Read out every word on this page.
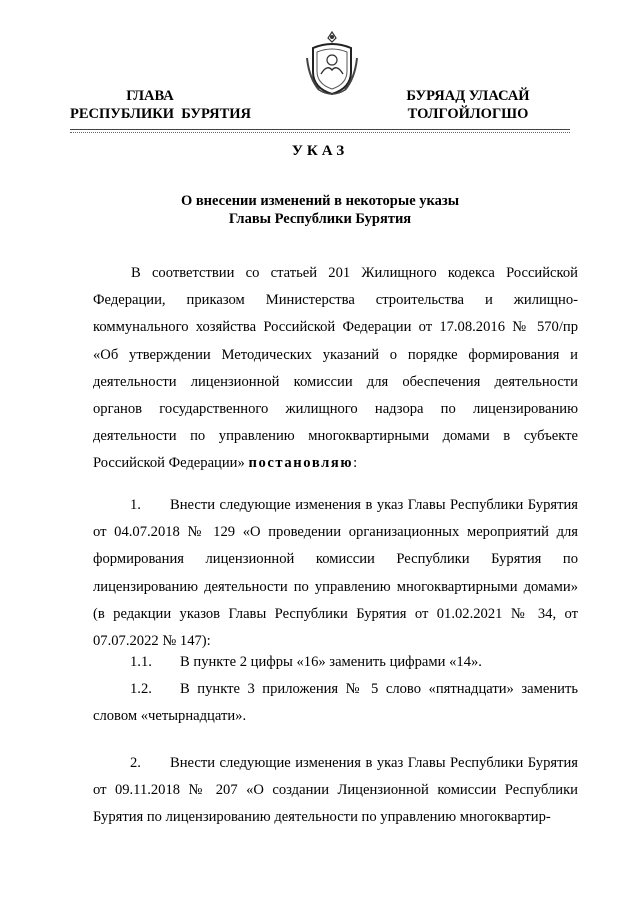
ГЛАВА
РЕСПУБЛИКИ  БУРЯТИЯ
БУРЯАД УЛАСАЙ
ТОЛГОЙЛОГШО
УКАЗ
О внесении изменений в некоторые указы
Главы Республики Бурятия
В соответствии со статьей 201 Жилищного кодекса Российской Федерации, приказом Министерства строительства и жилищно-коммунального хозяйства Российской Федерации от 17.08.2016 № 570/пр «Об утверждении Методических указаний о порядке формирования и деятельности лицензионной комиссии для обеспечения деятельности органов государственного жилищного надзора по лицензированию деятельности по управлению многоквартирными домами в субъекте Российской Федерации» постановляю:
1. Внести следующие изменения в указ Главы Республики Бурятия от 04.07.2018 № 129 «О проведении организационных мероприятий для формирования лицензионной комиссии Республики Бурятия по лицензированию деятельности по управлению многоквартирными домами» (в редакции указов Главы Республики Бурятия от 01.02.2021 № 34, от 07.07.2022 № 147):
1.1. В пункте 2 цифры «16» заменить цифрами «14».
1.2. В пункте 3 приложения № 5 слово «пятнадцати» заменить словом «четырнадцати».
2. Внести следующие изменения в указ Главы Республики Бурятия от 09.11.2018 № 207 «О создании Лицензионной комиссии Республики Бурятия по лицензированию деятельности по управлению многоквартир-
